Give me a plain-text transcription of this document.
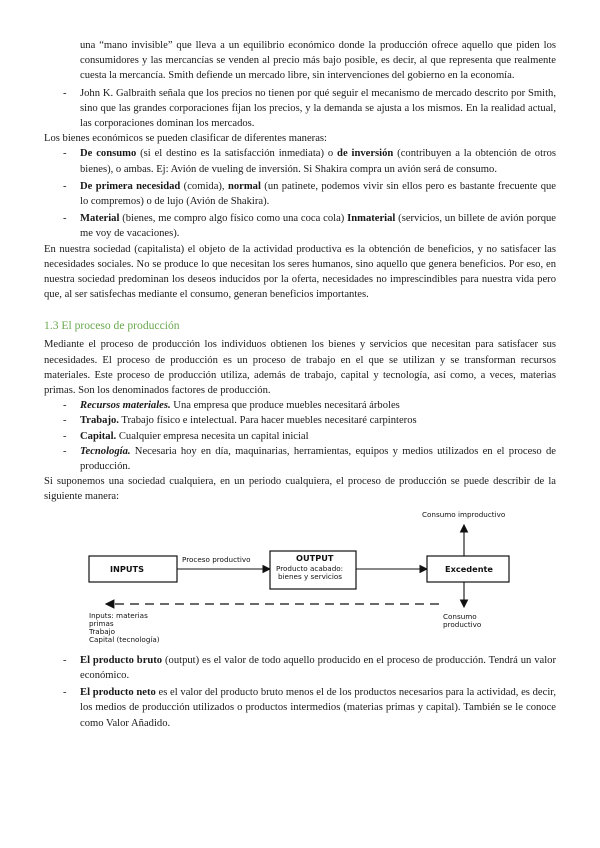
una “mano invisible” que lleva a un equilibrio económico donde la producción ofrece aquello que piden los consumidores y las mercancías se venden al precio más bajo posible, es decir, al que representa que realmente cuesta la mercancía. Smith defiende un mercado libre, sin intervenciones del gobierno en la economía.
- John K. Galbraith señala que los precios no tienen por qué seguir el mecanismo de mercado descrito por Smith, sino que las grandes corporaciones fijan los precios, y la demanda se ajusta a los mismos. En la realidad actual, las corporaciones dominan los mercados.

Los bienes económicos se pueden clasificar de diferentes maneras:

- De consumo (si el destino es la satisfacción inmediata) o de inversión (contribuyen a la obtención de otros bienes), o ambas. Ej: Avión de vueling de inversión. Si Shakira compra un avión será de consumo.
- De primera necesidad (comida), normal (un patinete, podemos vivir sin ellos pero es bastante frecuente que lo compremos) o de lujo (Avión de Shakira).
- Material (bienes, me compro algo físico como una coca cola) Inmaterial (servicios, un billete de avión porque me voy de vacaciones).

En nuestra sociedad (capitalista) el objeto de la actividad productiva es la obtención de beneficios, y no satisfacer las necesidades sociales. No se produce lo que necesitan los seres humanos, sino aquello que genera beneficios. Por eso, en nuestra sociedad predominan los deseos inducidos por la oferta, necesidades no imprescindibles para nuestra vida pero que, al ser satisfechas mediante el consumo, generan beneficios importantes.

1.3 El proceso de producción

Mediante el proceso de producción los individuos obtienen los bienes y servicios que necesitan para satisfacer sus necesidades. El proceso de producción es un proceso de trabajo en el que se utilizan y se transforman recursos materiales. Este proceso de producción utiliza, además de trabajo, capital y tecnología, así como, a veces, materias primas. Son los denominados factores de producción.

- Recursos materiales. Una empresa que produce muebles necesitará árboles
- Trabajo. Trabajo físico e intelectual. Para hacer muebles necesitaré carpinteros
- Capital. Cualquier empresa necesita un capital inicial
- Tecnología. Necesaria hoy en día, maquinarias, herramientas, equipos y medios utilizados en el proceso de producción.

Si suponemos una sociedad cualquiera, en un periodo cualquiera, el proceso de producción se puede describir de la siguiente manera:

Consumo improductivo
INPUTS
Proceso productivo	OUTPUT
Producto acabado:
bienes y servicios
Excedente
Inputs: materias
primas
Trabajo
Capital (tecnología)
Consumo
productivo
- El producto bruto (output) es el valor de todo aquello producido en el proceso de producción. Tendrá un valor económico.
- El producto neto es el valor del producto bruto menos el de los productos necesarios para la actividad, es decir, los medios de producción utilizados o productos intermedios (materias primas y capital). También se le conoce como Valor Añadido.
